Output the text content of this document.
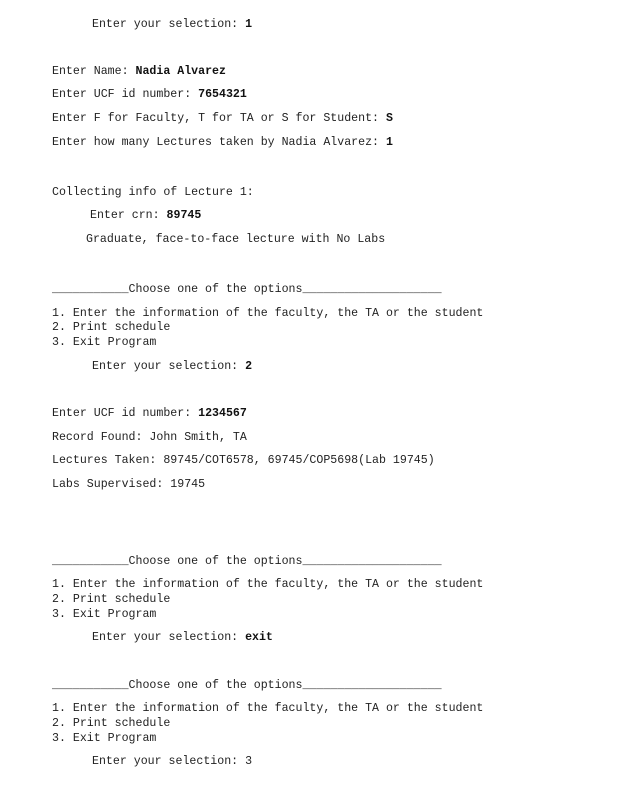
Enter your selection: 1
Enter Name: Nadia Alvarez
Enter UCF id number: 7654321
Enter F for Faculty, T for TA or S for Student: S
Enter how many Lectures taken by Nadia Alvarez: 1
Collecting info of Lecture 1:
Enter crn: 89745
Graduate, face-to-face lecture with No Labs
___________Choose one of the options____________________
1. Enter the information of the faculty, the TA or the student
2. Print schedule
3. Exit Program
Enter your selection: 2
Enter UCF id number: 1234567
Record Found: John Smith, TA
Lectures Taken: 89745/COT6578, 69745/COP5698(Lab 19745)
Labs Supervised: 19745
___________Choose one of the options____________________
1. Enter the information of the faculty, the TA or the student
2. Print schedule
3. Exit Program
Enter your selection: exit
___________Choose one of the options____________________
1. Enter the information of the faculty, the TA or the student
2. Print schedule
3. Exit Program
Enter your selection: 3
